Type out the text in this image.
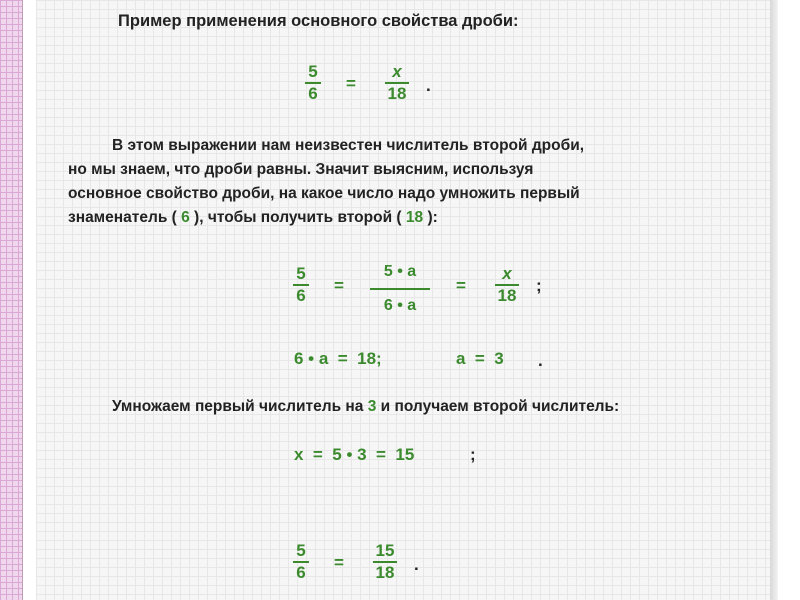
Пример применения основного свойства дроби:
5
6
=
х
18	.
В этом выражении нам неизвестен числитель второй дроби,
но мы знаем, что дроби равны. Значит выясним, используя
основное свойство дроби, на какое число надо умножить первый
знаменатель ( 6 ), чтобы получить второй ( 18 ):
5
6
=
5 • а
6 • а
=
х
18
;
6 • а  =  18;	а  =  3 .
Умножаем первый числитель на 3 и получаем второй числитель:
х  =  5 • 3  =  15	;
5
6
=
15
18	.
